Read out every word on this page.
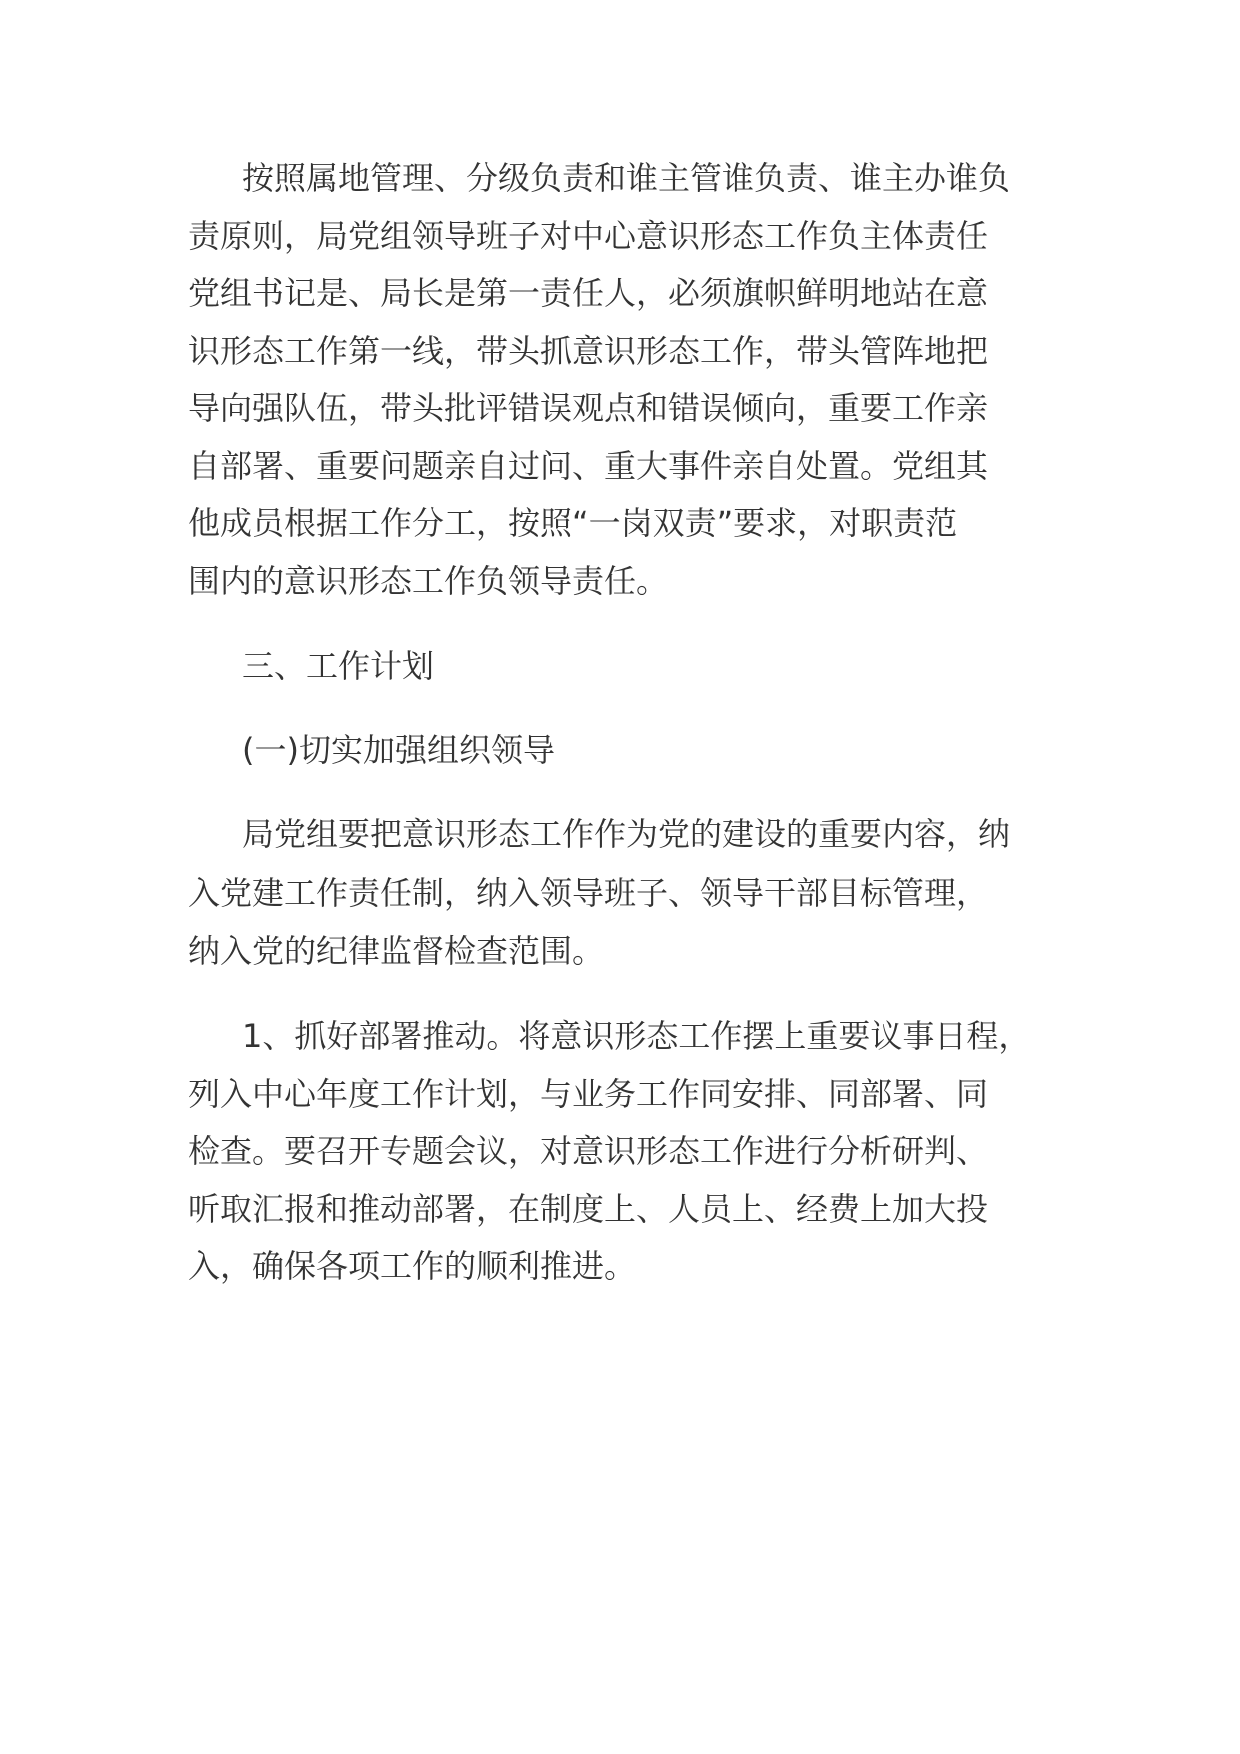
按照属地管理、分级负责和谁主管谁负责、谁主办谁负
责原则，局党组领导班子对中心意识形态工作负主体责任
党组书记是、局长是第一责任人，必须旗帜鲜明地站在意
识形态工作第一线，带头抓意识形态工作，带头管阵地把
导向强队伍，带头批评错误观点和错误倾向，重要工作亲
自部署、重要问题亲自过问、重大事件亲自处置。党组其
他成员根据工作分工，按照“一岗双责”要求，对职责范
围内的意识形态工作负领导责任。
三、工作计划
(一)切实加强组织领导
局党组要把意识形态工作作为党的建设的重要内容，纳
入党建工作责任制，纳入领导班子、领导干部目标管理，
纳入党的纪律监督检查范围。
1、抓好部署推动。将意识形态工作摆上重要议事日程，
列入中心年度工作计划，与业务工作同安排、同部署、同
检查。要召开专题会议，对意识形态工作进行分析研判、
听取汇报和推动部署，在制度上、人员上、经费上加大投
入，确保各项工作的顺利推进。
